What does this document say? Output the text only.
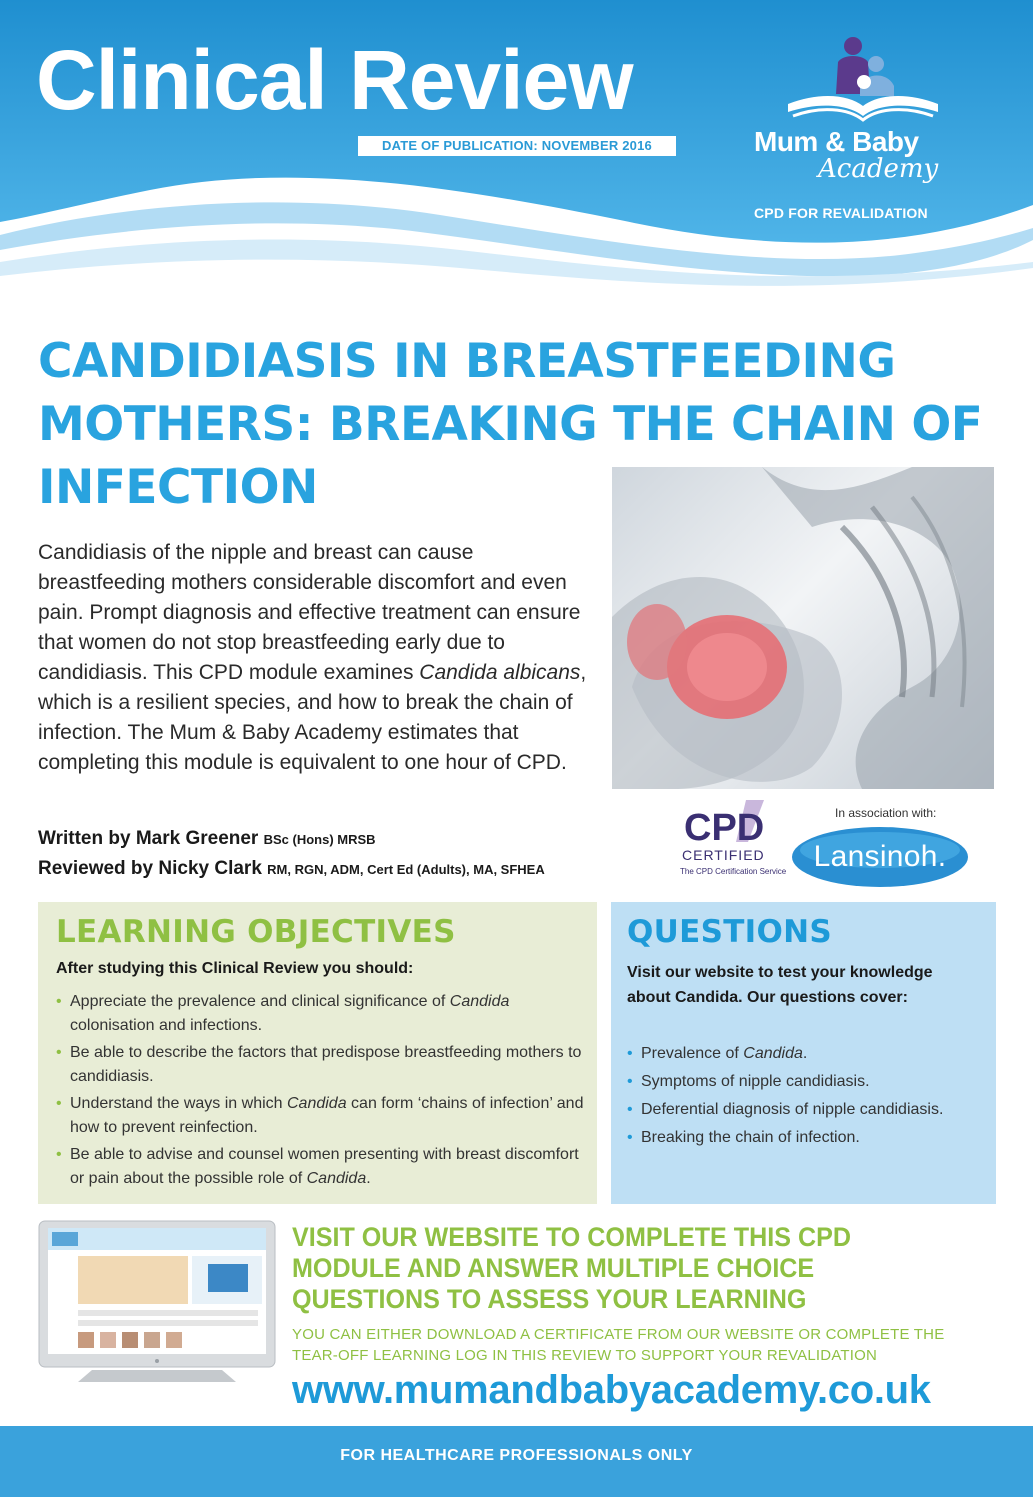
Clinical Review
DATE OF PUBLICATION: NOVEMBER 2016	Mum & Baby
Academy
CPD FOR REVALIDATION
CANDIDIASIS IN BREASTFEEDING MOTHERS: BREAKING THE CHAIN OF INFECTION

Candidiasis of the nipple and breast can cause breastfeeding mothers considerable discomfort and even pain. Prompt diagnosis and effective treatment can ensure that women do not stop breastfeeding early due to candidiasis. This CPD module examines Candida albicans, which is a resilient species, and how to break the chain of infection. The Mum & Baby Academy estimates that completing this module is equivalent to one hour of CPD.

Written by Mark Greener BSc (Hons) MRSB
Reviewed by Nicky Clark RM, RGN, ADM, Cert Ed (Adults), MA, SFHEA
CPD
CERTIFIED
The CPD Certification Service
In association with:
Lansinoh.
LEARNING OBJECTIVES
After studying this Clinical Review you should:
• Appreciate the prevalence and clinical significance of Candida colonisation and infections.
• Be able to describe the factors that predispose breastfeeding mothers to candidiasis.
• Understand the ways in which Candida can form ‘chains of infection’ and how to prevent reinfection.
• Be able to advise and counsel women presenting with breast discomfort or pain about the possible role of Candida.
QUESTIONS
Visit our website to test your knowledge about Candida. Our questions cover:
• Prevalence of Candida.
• Symptoms of nipple candidiasis.
• Deferential diagnosis of nipple candidiasis.
• Breaking the chain of infection.
VISIT OUR WEBSITE TO COMPLETE THIS CPD MODULE AND ANSWER MULTIPLE CHOICE QUESTIONS TO ASSESS YOUR LEARNING
YOU CAN EITHER DOWNLOAD A CERTIFICATE FROM OUR WEBSITE OR COMPLETE THE TEAR-OFF LEARNING LOG IN THIS REVIEW TO SUPPORT YOUR REVALIDATION
www.mumandbabyacademy.co.uk
FOR HEALTHCARE PROFESSIONALS ONLY
